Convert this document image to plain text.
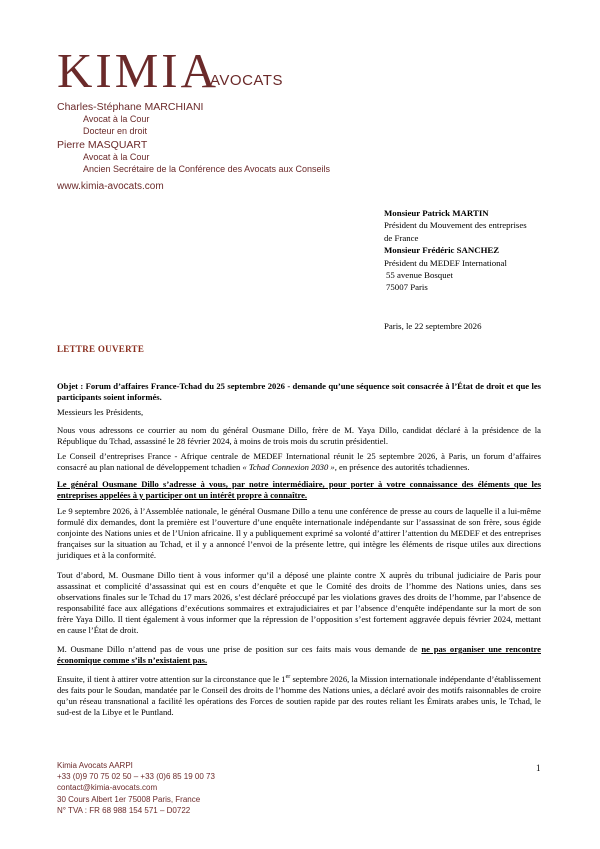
KIMIA
AVOCATS
Charles-Stéphane MARCHIANI
Avocat à la Cour
Docteur en droit
Pierre MASQUART
Avocat à la Cour
Ancien Secrétaire de la Conférence des Avocats aux Conseils
www.kimia-avocats.com
Monsieur Patrick MARTIN
Président du Mouvement des entreprises
de France
Monsieur Frédéric SANCHEZ
Président du MEDEF International
55 avenue Bosquet
75007 Paris
Paris, le 22 septembre 2026
LETTRE OUVERTE

Objet : Forum d’affaires France-Tchad du 25 septembre 2026 - demande qu’une séquence soit consacrée à l’État de droit et que les participants soient informés.

Messieurs les Présidents,

Nous vous adressons ce courrier au nom du général Ousmane Dillo, frère de M. Yaya Dillo, candidat déclaré à la présidence de la République du Tchad, assassiné le 28 février 2024, à moins de trois mois du scrutin présidentiel.

Le Conseil d’entreprises France - Afrique centrale de MEDEF International réunit le 25 septembre 2026, à Paris, un forum d’affaires consacré au plan national de développement tchadien « Tchad Connexion 2030 », en présence des autorités tchadiennes.

Le général Ousmane Dillo s’adresse à vous, par notre intermédiaire, pour porter à votre connaissance des éléments que les entreprises appelées à y participer ont un intérêt propre à connaître.

Le 9 septembre 2026, à l’Assemblée nationale, le général Ousmane Dillo a tenu une conférence de presse au cours de laquelle il a lui-même formulé dix demandes, dont la première est l’ouverture d’une enquête internationale indépendante sur l’assassinat de son frère, sous égide conjointe des Nations unies et de l’Union africaine. Il y a publiquement exprimé sa volonté d’attirer l’attention du MEDEF et des entreprises françaises sur la situation au Tchad, et il y a annoncé l’envoi de la présente lettre, qui intègre les éléments de risque utiles aux directions juridiques et à la conformité.

Tout d’abord, M. Ousmane Dillo tient à vous informer qu’il a déposé une plainte contre X auprès du tribunal judiciaire de Paris pour assassinat et complicité d’assassinat qui est en cours d’enquête et que le Comité des droits de l’homme des Nations unies, dans ses observations finales sur le Tchad du 17 mars 2026, s’est déclaré préoccupé par les violations graves des droits de l’homme, par l’absence de responsabilité face aux allégations d’exécutions sommaires et extrajudiciaires et par l’absence d’enquête indépendante sur la mort de son frère Yaya Dillo. Il tient également à vous informer que la répression de l’opposition s’est fortement aggravée depuis février 2024, mettant en cause l’État de droit.

M. Ousmane Dillo n’attend pas de vous une prise de position sur ces faits mais vous demande de ne pas organiser une rencontre économique comme s’ils n’existaient pas.

Ensuite, il tient à attirer votre attention sur la circonstance que le 1er septembre 2026, la Mission internationale indépendante d’établissement des faits pour le Soudan, mandatée par le Conseil des droits de l’homme des Nations unies, a déclaré avoir des motifs raisonnables de croire qu’un réseau transnational a facilité les opérations des Forces de soutien rapide par des routes reliant les Émirats arabes unis, le Tchad, le sud-est de la Libye et le Puntland.

1
Kimia Avocats AARPI
+33 (0)9 70 75 02 50 – +33 (0)6 85 19 00 73
contact@kimia-avocats.com
30 Cours Albert 1er 75008 Paris, France
N° TVA : FR 68 988 154 571 – D0722
